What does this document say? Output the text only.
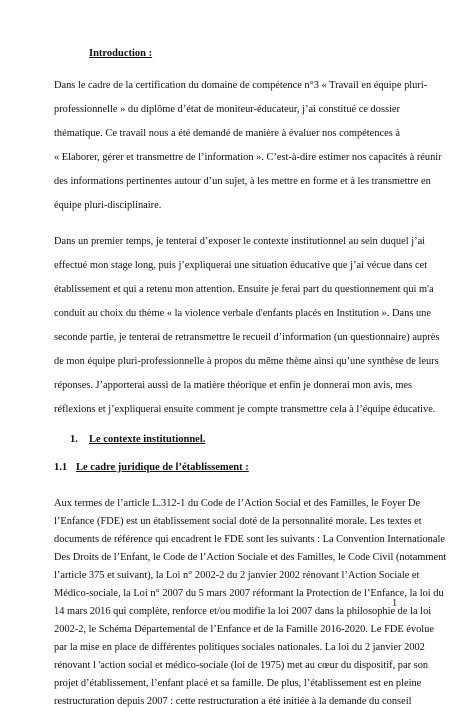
Introduction :
Dans le cadre de la certification du domaine de compétence n°3 « Travail en équipe pluri-
professionnelle » du diplôme d’état de moniteur-éducateur, j’ai constitué ce dossier
thématique. Ce travail nous a été demandé de manière à évaluer nos compétences à
« Elaborer, gérer et transmettre de l’information ». C’est-à-dire estimer nos capacités à réunir
des informations pertinentes autour d’un sujet, à les mettre en forme et à les transmettre en
équipe pluri-disciplinaire.
Dans un premier temps, je tenterai d’exposer le contexte institutionnel au sein duquel j’ai
effectué mon stage long, puis j’expliquerai une situation éducative que j’ai vécue dans cet
établissement et qui a retenu mon attention. Ensuite je ferai part du questionnement qui m'a
conduit au choix du thème « la violence verbale d'enfants placés en Institution ». Dans une
seconde partie, je tenterai de retransmettre le recueil d’information (un questionnaire) auprès
de mon équipe pluri-professionnelle à propos du même thème ainsi qu’une synthèse de leurs
réponses. J’apporterai aussi de la matière théorique et enfin je donnerai mon avis, mes
réflexions et j’expliquerai ensuite comment je compte transmettre cela à l’équipe éducative.
1. Le contexte institutionnel.
1.1 Le cadre juridique de l’établissement :
Aux termes de l’article L.312-1 du Code de l’Action Social et des Familles, le Foyer De
l’Enfance (FDE) est un établissement social doté de la personnalité morale. Les textes et
documents de référence qui encadrent le FDE sont les suivants : La Convention Internationale
Des Droits de l’Enfant, le Code de l’Action Sociale et des Familles, le Code Civil (notamment
l’article 375 et suivant), la Loi n° 2002-2 du 2 janvier 2002 rénovant l’Action Sociale et
Médico-sociale, la Loi n° 2007 du 5 mars 2007 réformant la Protection de l’Enfance, la loi du
14 mars 2016 qui complète, renforce et/ou modifie la loi 2007 dans la philosophie de la loi
2002-2, le Schéma Départemental de l’Enfance et de la Famille 2016-2020. Le FDE évolue
par la mise en place de différentes politiques sociales nationales. La loi du 2 janvier 2002
rénovant l 'action social et médico-sociale (loi de 1975) met au cœur du dispositif, par son
projet d’établissement, l’enfant placé et sa famille. De plus, l’établissement est en pleine
restructuration depuis 2007 : cette restructuration a été initiée à la demande du conseil
1
